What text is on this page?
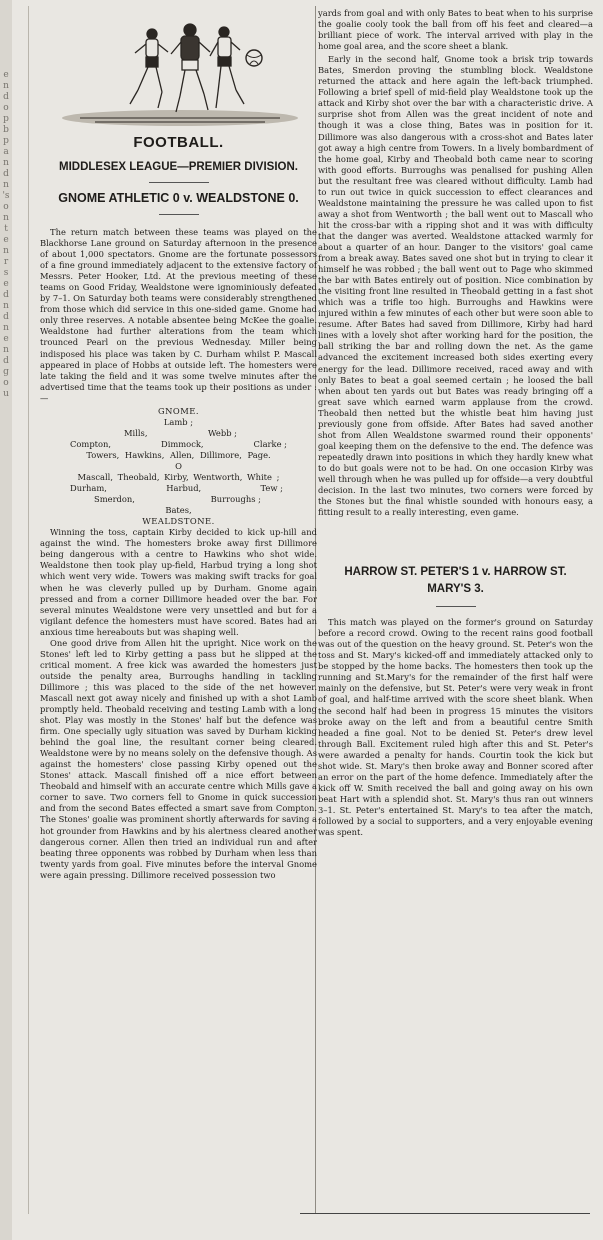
e
n
d
o
p
b
p
a
n
d
n
's
o
n
t
e
n
r
s
e
d
n
d
n
e
n
d
g
o
u

FOOTBALL.

MIDDLESEX LEAGUE—PREMIER DIVISION.

GNOME ATHLETIC 0 v. WEALDSTONE 0.

The return match between these teams was played on the Blackhorse Lane ground on Saturday afternoon in the presence of about 1,000 spectators. Gnome are the fortunate possessors of a fine ground immediately adjacent to the extensive factory of Messrs. Peter Hooker, Ltd. At the previous meeting of these teams on Good Friday, Wealdstone were ignominiously defeated by 7–1. On Saturday both teams were considerably strengthened from those which did service in this one-sided game. Gnome had only three reserves. A notable absentee being McKee the goalie. Wealdstone had further alterations from the team which trounced Pearl on the previous Wednesday. Miller being indisposed his place was taken by C. Durham whilst P. Mascall appeared in place of Hobbs at outside left. The homesters were late taking the field and it was some twelve minutes after the advertised time that the teams took up their positions as under :—

GNOME.
Lamb ;
Mills,	Webb ;
Compton,	Dimmock,	Clarke ;
Towers, Hawkins, Allen, Dillimore, Page.
O
Mascall, Theobald, Kirby, Wentworth, White ;
Durham,	Harbud,	Tew ;
Smerdon,	Burroughs ;
Bates,
WEALDSTONE.

Winning the toss, captain Kirby decided to kick up-hill and against the wind. The homesters broke away first Dillimore being dangerous with a centre to Hawkins who shot wide. Wealdstone then took play up-field, Harbud trying a long shot which went very wide. Towers was making swift tracks for goal when he was cleverly pulled up by Durham. Gnome again pressed and from a corner Dillimore headed over the bar. For several minutes Wealdstone were very unsettled and but for a vigilant defence the homesters must have scored. Bates had an anxious time hereabouts but was shaping well.

One good drive from Allen hit the upright. Nice work on the Stones' left led to Kirby getting a pass but he slipped at the critical moment. A free kick was awarded the homesters just outside the penalty area, Burroughs handling in tackling Dillimore ; this was placed to the side of the net however. Mascall next got away nicely and finished up with a shot Lamb promptly held. Theobald receiving and testing Lamb with a long shot. Play was mostly in the Stones' half but the defence was firm. One specially ugly situation was saved by Durham kicking behind the goal line, the resultant corner being cleared. Wealdstone were by no means solely on the defensive though. As against the homesters' close passing Kirby opened out the Stones' attack. Mascall finished off a nice effort between Theobald and himself with an accurate centre which Mills gave a corner to save. Two corners fell to Gnome in quick succession and from the second Bates effected a smart save from Compton. The Stones' goalie was prominent shortly afterwards for saving a hot grounder from Hawkins and by his alertness cleared another dangerous corner. Allen then tried an individual run and after beating three opponents was robbed by Durham when less than twenty yards from goal. Five minutes before the interval Gnome were again pressing. Dillimore received possession two

yards from goal and with only Bates to beat when to his surprise the goalie cooly took the ball from off his feet and cleared—a brilliant piece of work. The interval arrived with play in the home goal area, and the score sheet a blank.

Early in the second half, Gnome took a brisk trip towards Bates, Smerdon proving the stumbling block. Wealdstone returned the attack and here again the left-back triumphed. Following a brief spell of mid-field play Wealdstone took up the attack and Kirby shot over the bar with a characteristic drive. A surprise shot from Allen was the great incident of note and though it was a close thing, Bates was in position for it. Dillimore was also dangerous with a cross-shot and Bates later got away a high centre from Towers. In a lively bombardment of the home goal, Kirby and Theobald both came near to scoring with good efforts. Burroughs was penalised for pushing Allen but the resultant free was cleared without difficulty. Lamb had to run out twice in quick succession to effect clearances and Wealdstone maintaining the pressure he was called upon to fist away a shot from Wentworth ; the ball went out to Mascall who hit the cross-bar with a ripping shot and it was with difficulty that the danger was averted. Wealdstone attacked warmly for about a quarter of an hour. Danger to the visitors' goal came from a break away. Bates saved one shot but in trying to clear it himself he was robbed ; the ball went out to Page who skimmed the bar with Bates entirely out of position. Nice combination by the visiting front line resulted in Theobald getting in a fast shot which was a trifle too high. Burroughs and Hawkins were injured within a few minutes of each other but were soon able to resume. After Bates had saved from Dillimore, Kirby had hard lines with a lovely shot after working hard for the position, the ball striking the bar and rolling down the net. As the game advanced the excitement increased both sides exerting every energy for the lead. Dillimore received, raced away and with only Bates to beat a goal seemed certain ; he loosed the ball when about ten yards out but Bates was ready bringing off a great save which earned warm applause from the crowd. Theobald then netted but the whistle beat him having just previously gone from offside. After Bates had saved another shot from Allen Wealdstone swarmed round their opponents' goal keeping them on the defensive to the end. The defence was repeatedly drawn into positions in which they hardly knew what to do but goals were not to be had. On one occasion Kirby was well through when he was pulled up for offside—a very doubtful decision. In the last two minutes, two corners were forced by the Stones but the final whistle sounded with honours easy, a fitting result to a really interesting, even game.

HARROW ST. PETER'S 1 v. HARROW ST. MARY'S 3.

This match was played on the former's ground on Saturday before a record crowd. Owing to the recent rains good football was out of the question on the heavy ground. St. Peter's won the toss and St. Mary's kicked-off and immediately attacked only to be stopped by the home backs. The homesters then took up the running and St.Mary's for the remainder of the first half were mainly on the defensive, but St. Peter's were very weak in front of goal, and half-time arrived with the score sheet blank. When the second half had been in progress 15 minutes the visitors broke away on the left and from a beautiful centre Smith headed a fine goal. Not to be denied St. Peter's drew level through Ball. Excitement ruled high after this and St. Peter's were awarded a penalty for hands. Courtin took the kick but shot wide. St. Mary's then broke away and Bonner scored after an error on the part of the home defence. Immediately after the kick off W. Smith received the ball and going away on his own beat Hart with a splendid shot. St. Mary's thus ran out winners 3–1. St. Peter's entertained St. Mary's to tea after the match, followed by a social to supporters, and a very enjoyable evening was spent.
